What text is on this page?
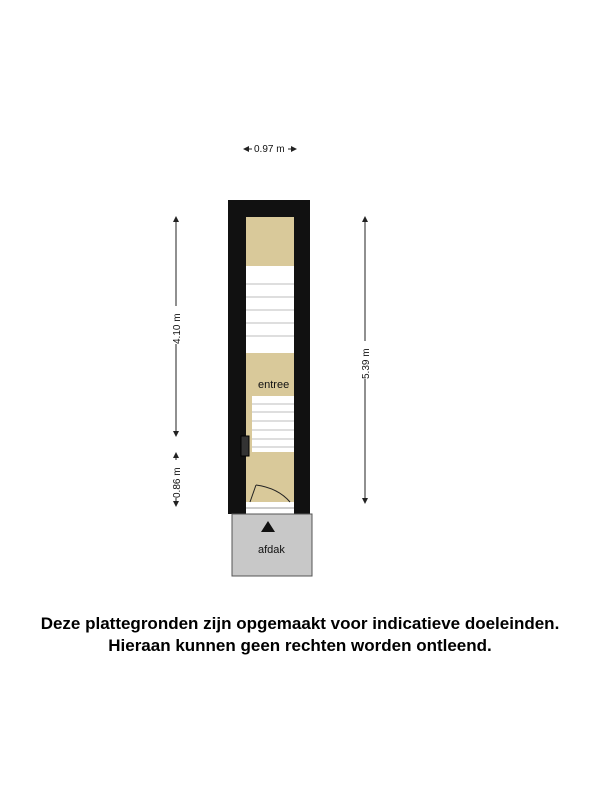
0.97 m
4.10 m
0.86 m
5.39 m
entree
afdak
Deze plattegronden zijn opgemaakt voor indicatieve doeleinden.
Hieraan kunnen geen rechten worden ontleend.
